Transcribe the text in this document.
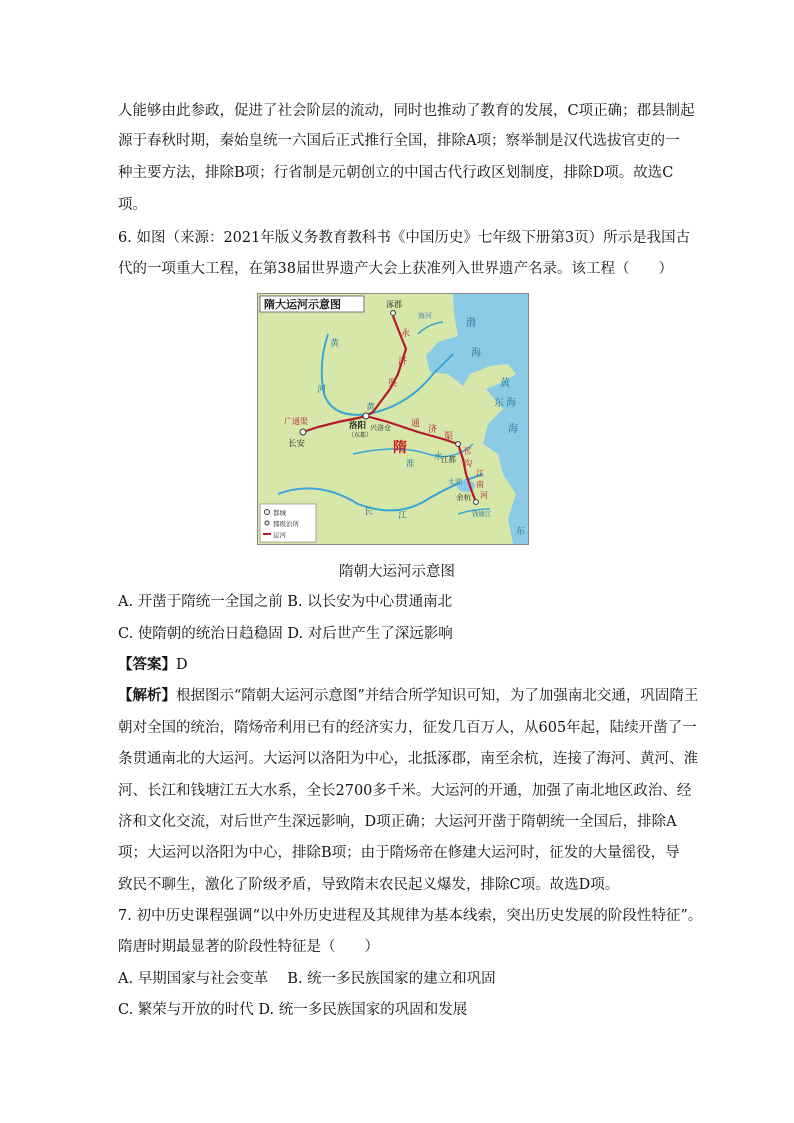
人能够由此参政，促进了社会阶层的流动，同时也推动了教育的发展，C项正确；郡县制起
源于春秋时期，秦始皇统一六国后正式推行全国，排除A项；察举制是汉代选拔官吏的一
种主要方法，排除B项；行省制是元朝创立的中国古代行政区划制度，排除D项。故选C
项。
6. 如图（来源：2021年版义务教育教科书《中国历史》七年级下册第3页）所示是我国古
代的一项重大工程，在第38届世界遗产大会上获准列入世界遗产名录。该工程（　　）
隋大运河示意图	涿郡
海河
永
济
渠
渤
海
黄
河
黄
海
东
海
广通渠
长安
洛阳
（东都）
兴洛仓
隋
通
济
渠
黄
邗
沟
江都
江
南
河
太湖
余杭
钱塘江
淮
水
长	江
东
都城
郡级治所
运河
隋朝大运河示意图
A. 开凿于隋统一全国之前 B. 以长安为中心贯通南北
C. 使隋朝的统治日趋稳固 D. 对后世产生了深远影响
【答案】D
【解析】根据图示“隋朝大运河示意图”并结合所学知识可知，为了加强南北交通，巩固隋王
朝对全国的统治，隋炀帝利用已有的经济实力，征发几百万人，从605年起，陆续开凿了一
条贯通南北的大运河。大运河以洛阳为中心，北抵涿郡，南至余杭，连接了海河、黄河、淮
河、长江和钱塘江五大水系，全长2700多千米。大运河的开通，加强了南北地区政治、经
济和文化交流，对后世产生深远影响，D项正确；大运河开凿于隋朝统一全国后，排除A
项；大运河以洛阳为中心，排除B项；由于隋炀帝在修建大运河时，征发的大量徭役，导
致民不聊生，激化了阶级矛盾，导致隋末农民起义爆发，排除C项。故选D项。
7. 初中历史课程强调“以中外历史进程及其规律为基本线索，突出历史发展的阶段性特征”。
隋唐时期最显著的阶段性特征是（　　）
A. 早期国家与社会变革　 B. 统一多民族国家的建立和巩固
C. 繁荣与开放的时代 D. 统一多民族国家的巩固和发展
